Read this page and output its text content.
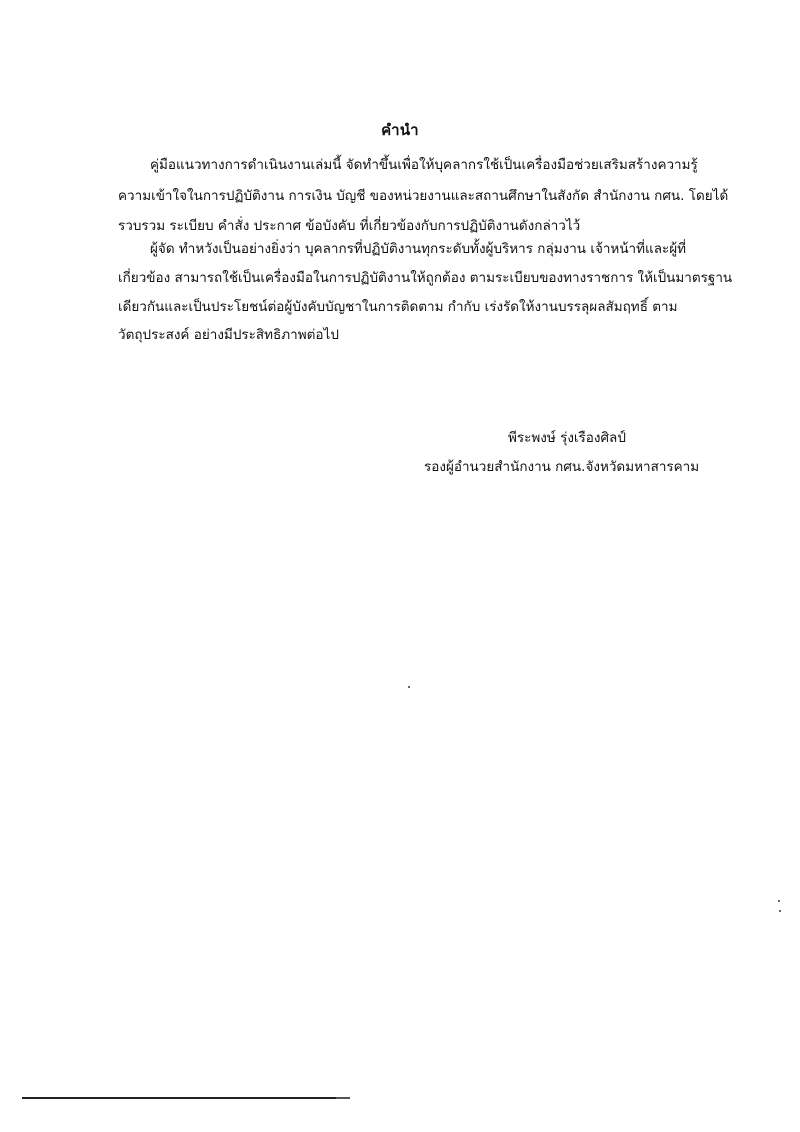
คำนำ
คู่มือแนวทางการดำเนินงานเล่มนี้ จัดทำขึ้นเพื่อให้บุคลากรใช้เป็นเครื่องมือช่วยเสริมสร้างความรู้
ความเข้าใจในการปฏิบัติงาน การเงิน บัญชี ของหน่วยงานและสถานศึกษาในสังกัด สำนักงาน กศน. โดยได้
รวบรวม ระเบียบ คำสั่ง ประกาศ ข้อบังคับ ที่เกี่ยวข้องกับการปฏิบัติงานดังกล่าวไว้
ผู้จัด ทำหวังเป็นอย่างยิ่งว่า บุคลากรที่ปฏิบัติงานทุกระดับทั้งผู้บริหาร กลุ่มงาน เจ้าหน้าที่และผู้ที่
เกี่ยวข้อง สามารถใช้เป็นเครื่องมือในการปฏิบัติงานให้ถูกต้อง ตามระเบียบของทางราชการ ให้เป็นมาตรฐาน
เดียวกันและเป็นประโยชน์ต่อผู้บังคับบัญชาในการติดตาม กำกับ เร่งรัดให้งานบรรลุผลสัมฤทธิ์ ตาม
วัตถุประสงค์ อย่างมีประสิทธิภาพต่อไป
พีระพงษ์ รุ่งเรืองศิลป์
รองผู้อำนวยสำนักงาน กศน.จังหวัดมหาสารคาม
